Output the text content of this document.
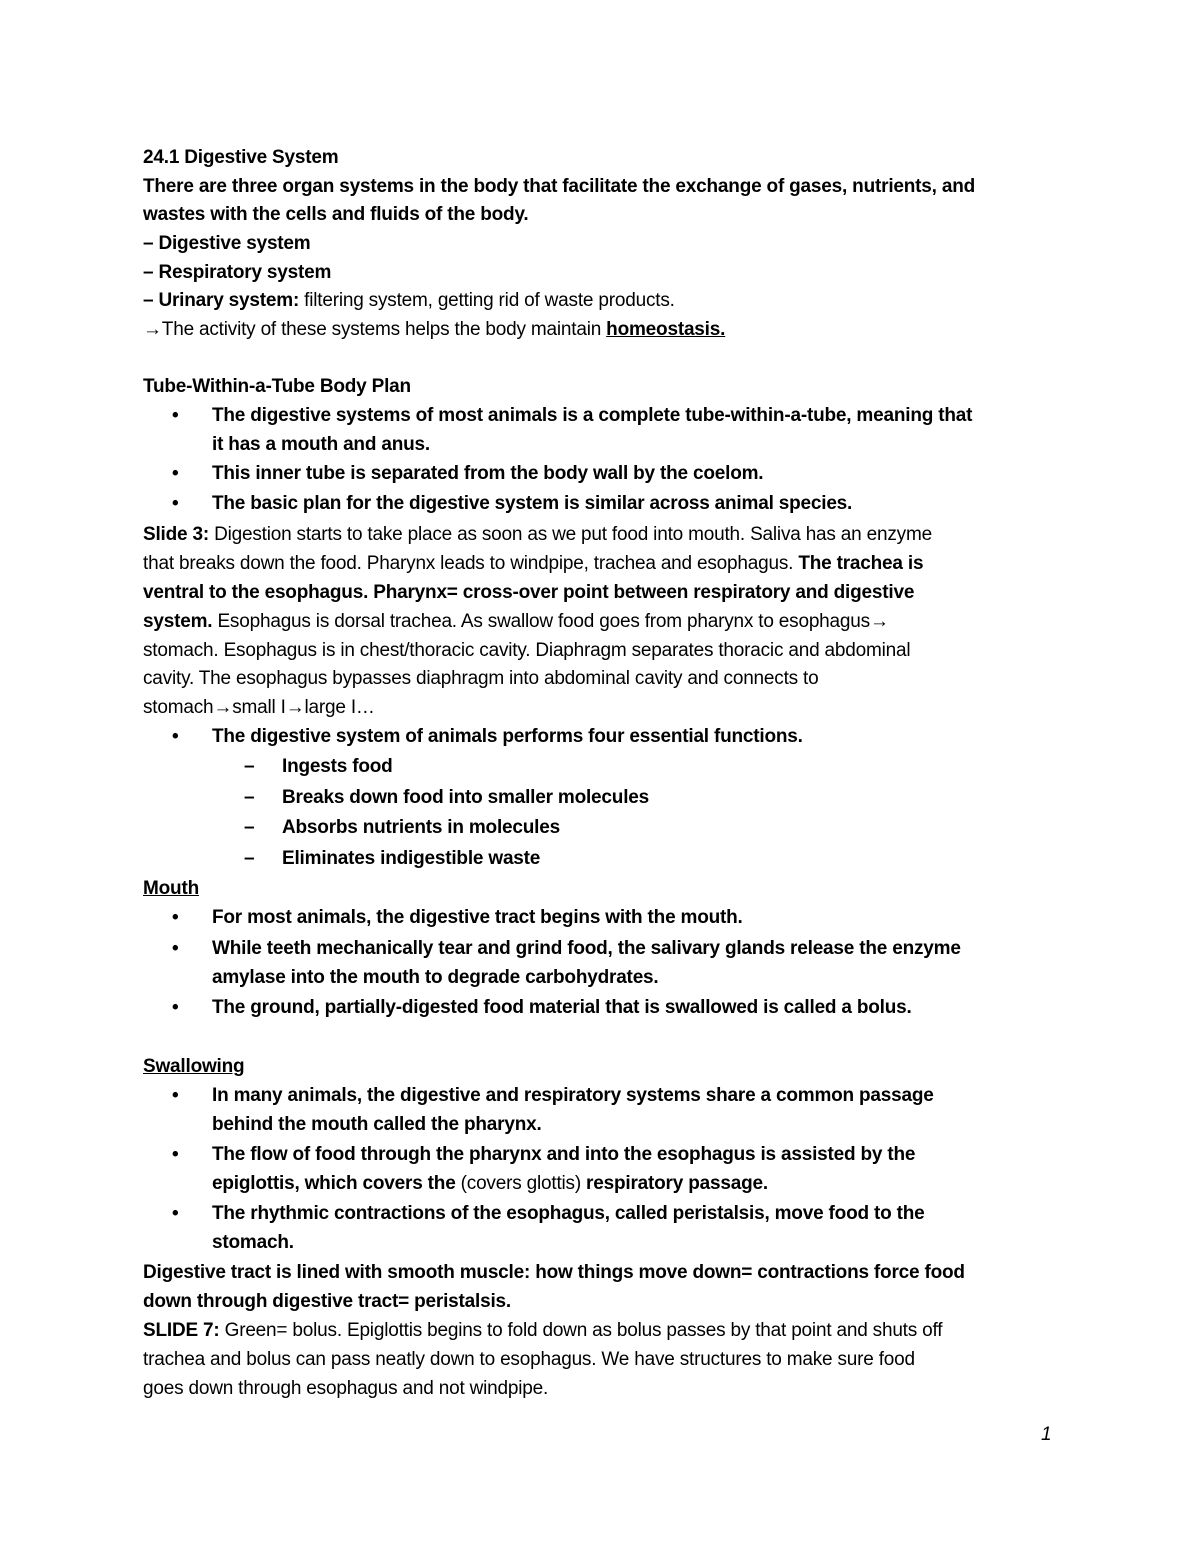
24.1 Digestive System
There are three organ systems in the body that facilitate the exchange of gases, nutrients, and
wastes with the cells and fluids of the body.
– Digestive system
– Respiratory system
– Urinary system: filtering system, getting rid of waste products.
→The activity of these systems helps the body maintain homeostasis.
Tube-Within-a-Tube Body Plan
•	The digestive systems of most animals is a complete tube-within-a-tube, meaning that
it has a mouth and anus.
•	This inner tube is separated from the body wall by the coelom.
•	The basic plan for the digestive system is similar across animal species.
Slide 3: Digestion starts to take place as soon as we put food into mouth. Saliva has an enzyme
that breaks down the food. Pharynx leads to windpipe, trachea and esophagus. The trachea is
ventral to the esophagus. Pharynx= cross-over point between respiratory and digestive
system. Esophagus is dorsal trachea. As swallow food goes from pharynx to esophagus→
stomach. Esophagus is in chest/thoracic cavity. Diaphragm separates thoracic and abdominal
cavity. The esophagus bypasses diaphragm into abdominal cavity and connects to
stomach→small I→large I…
•	The digestive system of animals performs four essential functions.
– Ingests food
– Breaks down food into smaller molecules
– Absorbs nutrients in molecules
– Eliminates indigestible waste
Mouth
•	For most animals, the digestive tract begins with the mouth.
•	While teeth mechanically tear and grind food, the salivary glands release the enzyme
amylase into the mouth to degrade carbohydrates.
•	The ground, partially-digested food material that is swallowed is called a bolus.
Swallowing
•	In many animals, the digestive and respiratory systems share a common passage
behind the mouth called the pharynx.
•	The flow of food through the pharynx and into the esophagus is assisted by the
epiglottis, which covers the (covers glottis) respiratory passage.
•	The rhythmic contractions of the esophagus, called peristalsis, move food to the
stomach.
Digestive tract is lined with smooth muscle: how things move down= contractions force food
down through digestive tract= peristalsis.
SLIDE 7: Green= bolus. Epiglottis begins to fold down as bolus passes by that point and shuts off
trachea and bolus can pass neatly down to esophagus. We have structures to make sure food
goes down through esophagus and not windpipe.
1
